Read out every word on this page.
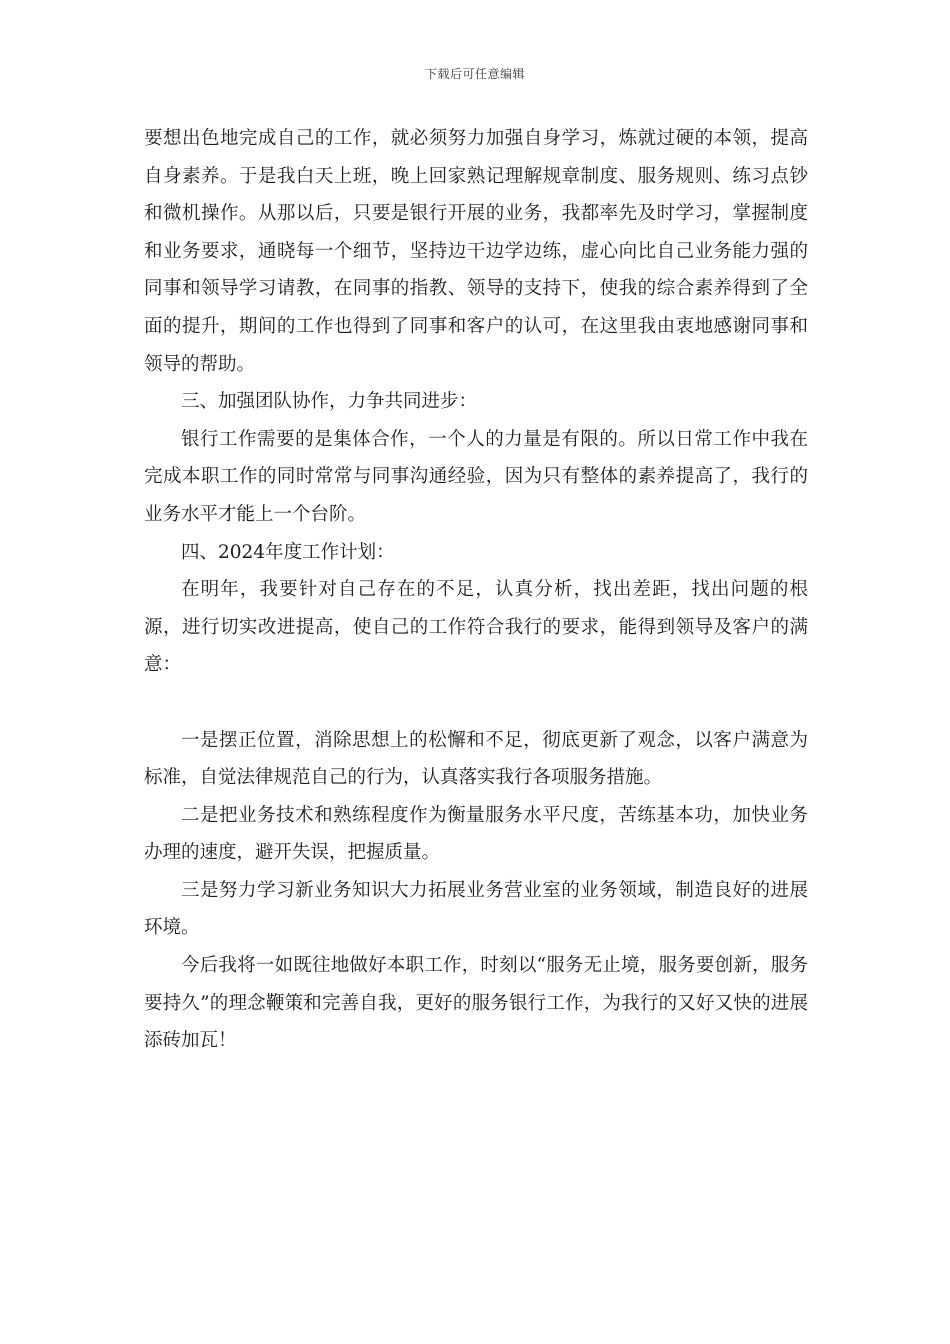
下载后可任意编辑

要想出色地完成自己的工作，就必须努力加强自身学习，炼就过硬的本领，提高自身素养。于是我白天上班，晚上回家熟记理解规章制度、服务规则、练习点钞和微机操作。从那以后，只要是银行开展的业务，我都率先及时学习，掌握制度和业务要求，通晓每一个细节，坚持边干边学边练，虚心向比自己业务能力强的同事和领导学习请教，在同事的指教、领导的支持下，使我的综合素养得到了全面的提升，期间的工作也得到了同事和客户的认可，在这里我由衷地感谢同事和领导的帮助。

三、加强团队协作，力争共同进步：

银行工作需要的是集体合作，一个人的力量是有限的。所以日常工作中我在完成本职工作的同时常常与同事沟通经验，因为只有整体的素养提高了，我行的业务水平才能上一个台阶。

四、2024年度工作计划：

在明年，我要针对自己存在的不足，认真分析，找出差距，找出问题的根源，进行切实改进提高，使自己的工作符合我行的要求，能得到领导及客户的满意：

一是摆正位置，消除思想上的松懈和不足，彻底更新了观念，以客户满意为标准，自觉法律规范自己的行为，认真落实我行各项服务措施。

二是把业务技术和熟练程度作为衡量服务水平尺度，苦练基本功，加快业务办理的速度，避开失误，把握质量。

三是努力学习新业务知识大力拓展业务营业室的业务领域，制造良好的进展环境。

今后我将一如既往地做好本职工作，时刻以“服务无止境，服务要创新，服务要持久”的理念鞭策和完善自我，更好的服务银行工作，为我行的又好又快的进展添砖加瓦！
